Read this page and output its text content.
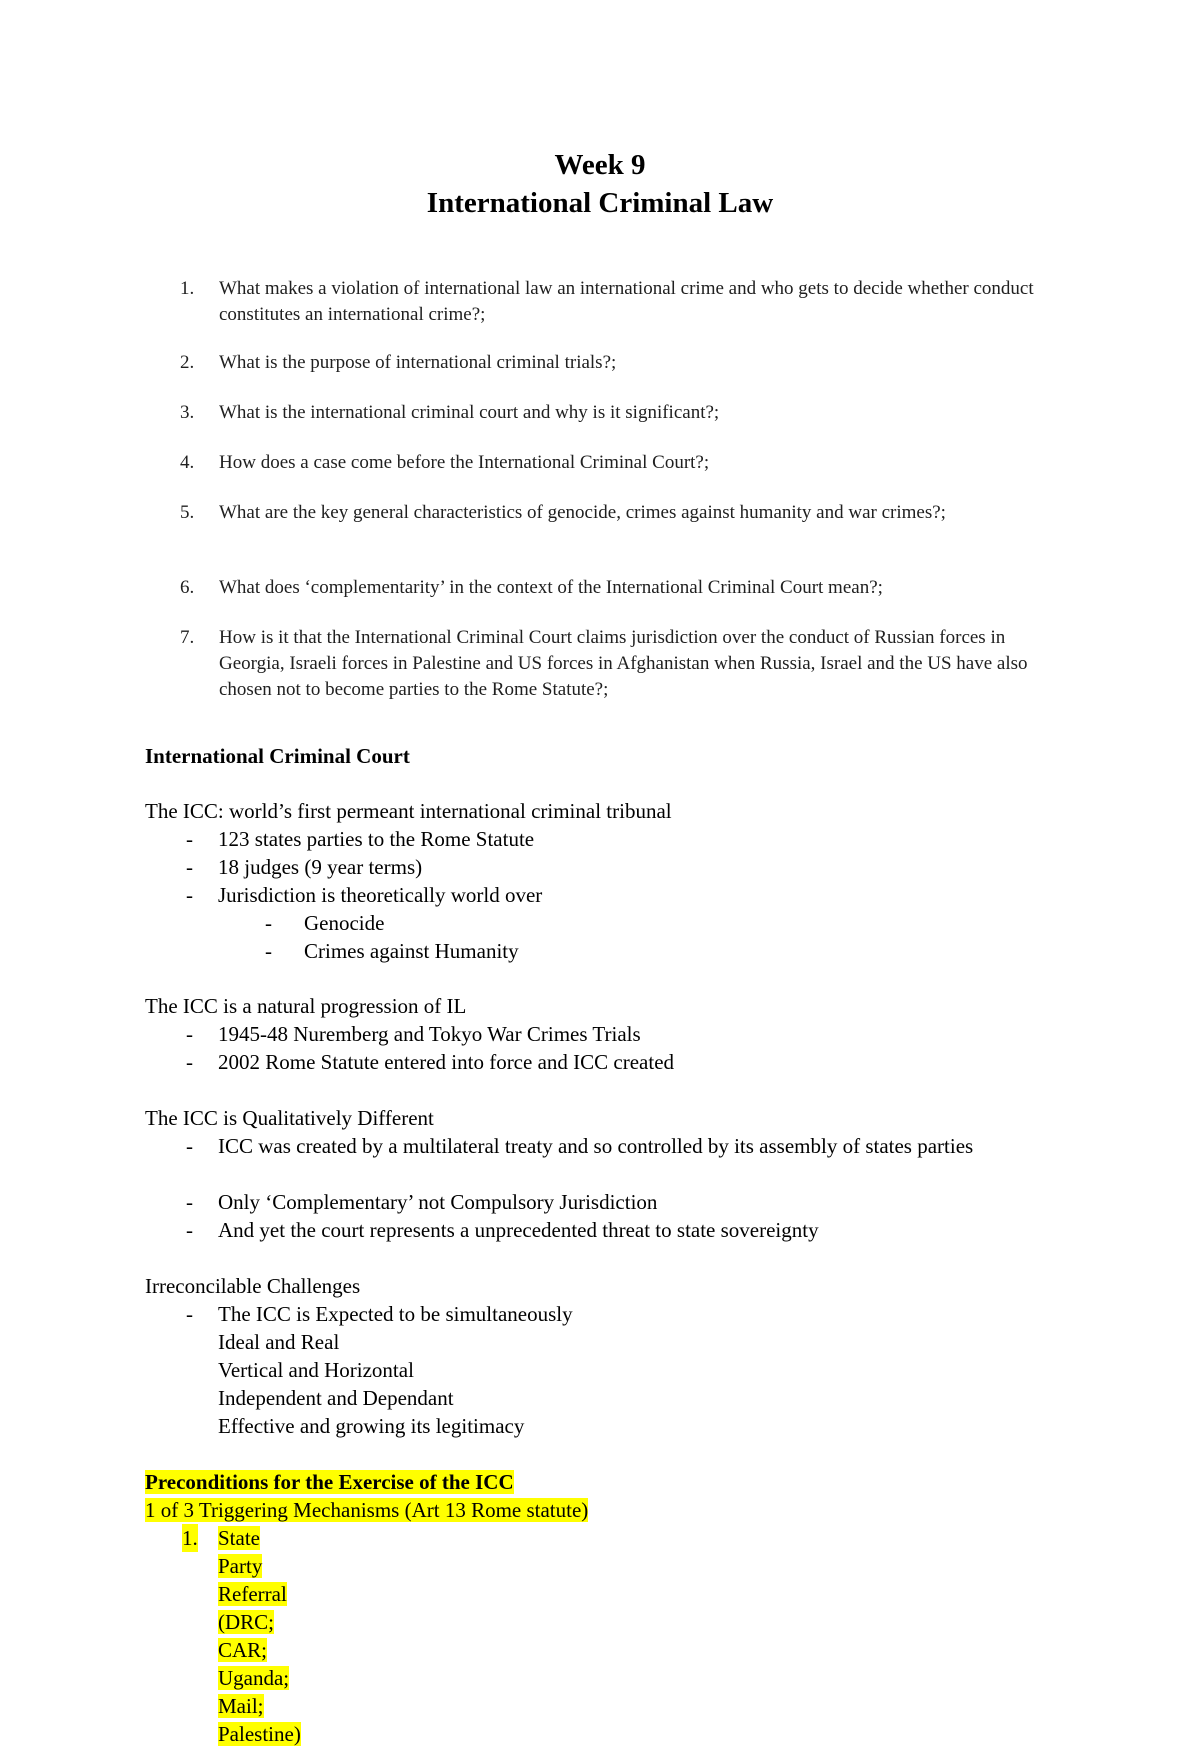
Week 9
International Criminal Law
1.	What makes a violation of international law an international crime and who gets to decide whether conduct constitutes an international crime?;
2.	What is the purpose of international criminal trials?;
3.	What is the international criminal court and why is it significant?;
4.	How does a case come before the International Criminal Court?;
5.	What are the key general characteristics of genocide, crimes against humanity and war crimes?;
6.	What does ‘complementarity’ in the context of the International Criminal Court mean?;
7.	How is it that the International Criminal Court claims jurisdiction over the conduct of Russian forces in Georgia, Israeli forces in Palestine and US forces in Afghanistan when Russia, Israel and the US have also chosen not to become parties to the Rome Statute?;
International Criminal Court
The ICC: world’s first permeant international criminal tribunal
- 123 states parties to the Rome Statute
- 18 judges (9 year terms)
- Jurisdiction is theoretically world over
- Genocide
- Crimes against Humanity
The ICC is a natural progression of IL
- 1945-48 Nuremberg and Tokyo War Crimes Trials
- 2002 Rome Statute entered into force and ICC created
The ICC is Qualitatively Different
- ICC was created by a multilateral treaty and so controlled by its assembly of states parties
- Only ‘Complementary’ not Compulsory Jurisdiction
- And yet the court represents a unprecedented threat to state sovereignty
Irreconcilable Challenges
- The ICC is Expected to be simultaneously
Ideal and Real
Vertical and Horizontal
Independent and Dependant
Effective and growing its legitimacy
Preconditions for the Exercise of the ICC
1 of 3 Triggering Mechanisms (Art 13 Rome statute)
1. State Party Referral (DRC; CAR; Uganda; Mail; Palestine)
